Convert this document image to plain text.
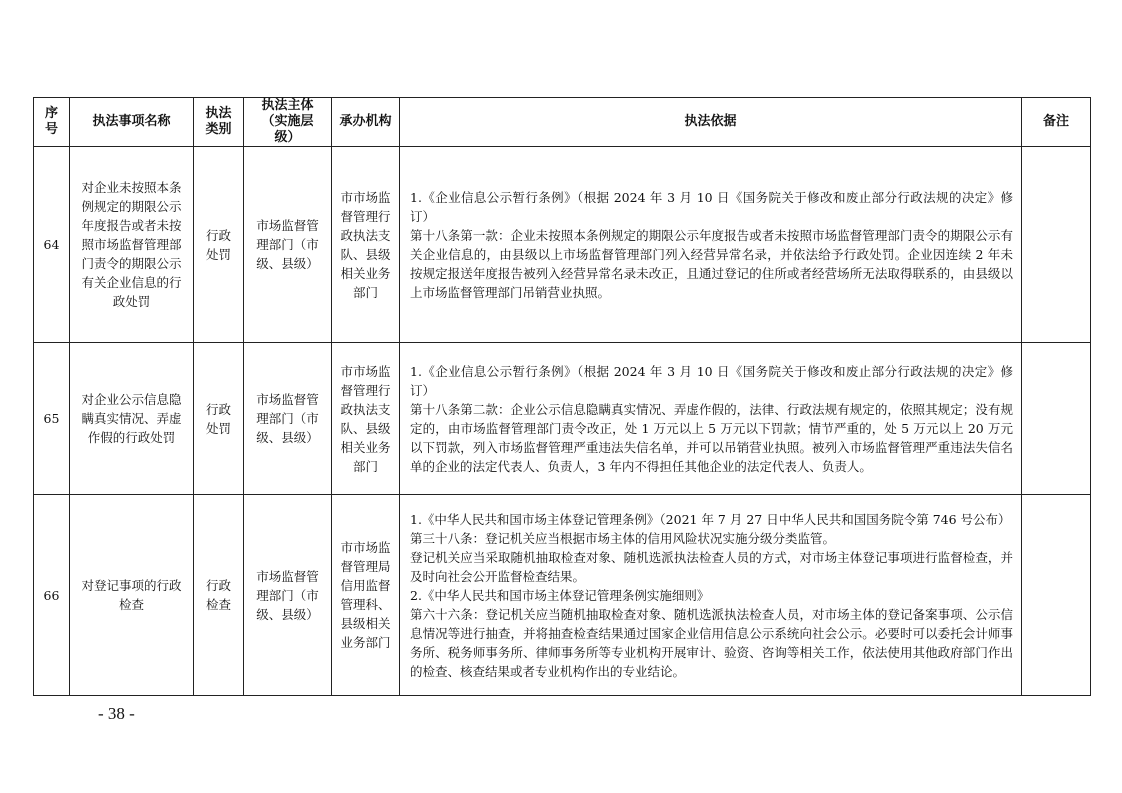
序号	执法事项名称	执法类别	执法主体（实施层级）	承办机构	执法依据	备注
64	对企业未按照本条例规定的期限公示年度报告或者未按照市场监督管理部门责令的期限公示有关企业信息的行政处罚	行政处罚	市场监督管理部门（市级、县级）	市市场监督管理行政执法支队、县级相关业务部门	1.《企业信息公示暂行条例》（根据 2024 年 3 月 10 日《国务院关于修改和废止部分行政法规的决定》修订）
第十八条第一款：企业未按照本条例规定的期限公示年度报告或者未按照市场监督管理部门责令的期限公示有关企业信息的，由县级以上市场监督管理部门列入经营异常名录，并依法给予行政处罚。企业因连续 2 年未按规定报送年度报告被列入经营异常名录未改正，且通过登记的住所或者经营场所无法取得联系的，由县级以上市场监督管理部门吊销营业执照。	

65	对企业公示信息隐瞒真实情况、弄虚作假的行政处罚	行政处罚	市场监督管理部门（市级、县级）	市市场监督管理行政执法支队、县级相关业务部门	1.《企业信息公示暂行条例》（根据 2024 年 3 月 10 日《国务院关于修改和废止部分行政法规的决定》修订）
第十八条第二款：企业公示信息隐瞒真实情况、弄虚作假的，法律、行政法规有规定的，依照其规定；没有规定的，由市场监督管理部门责令改正，处 1 万元以上 5 万元以下罚款；情节严重的，处 5 万元以上 20 万元以下罚款，列入市场监督管理严重违法失信名单，并可以吊销营业执照。被列入市场监督管理严重违法失信名单的企业的法定代表人、负责人，3 年内不得担任其他企业的法定代表人、负责人。	

66	对登记事项的行政检查	行政检查	市场监督管理部门（市级、县级）	市市场监督管理局信用监督管理科、县级相关业务部门	1.《中华人民共和国市场主体登记管理条例》（2021 年 7 月 27 日中华人民共和国国务院令第 746 号公布）
第三十八条：登记机关应当根据市场主体的信用风险状况实施分级分类监管。
登记机关应当采取随机抽取检查对象、随机选派执法检查人员的方式，对市场主体登记事项进行监督检查，并及时向社会公开监督检查结果。
2.《中华人民共和国市场主体登记管理条例实施细则》
第六十六条：登记机关应当随机抽取检查对象、随机选派执法检查人员，对市场主体的登记备案事项、公示信息情况等进行抽查，并将抽查检查结果通过国家企业信用信息公示系统向社会公示。必要时可以委托会计师事务所、税务师事务所、律师事务所等专业机构开展审计、验资、咨询等相关工作，依法使用其他政府部门作出的检查、核查结果或者专业机构作出的专业结论。	

- 38 -
